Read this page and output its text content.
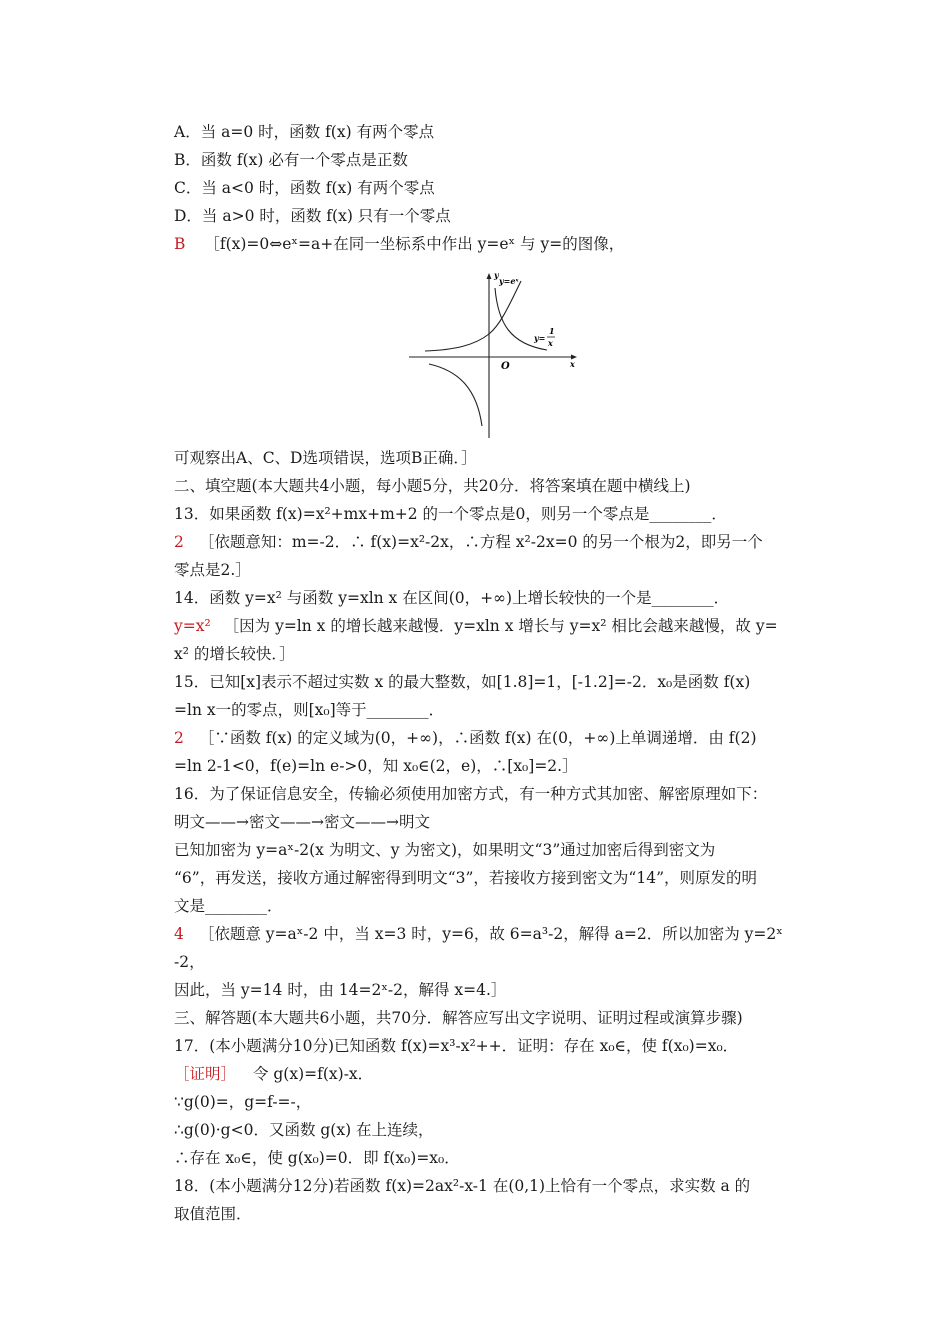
A．当 a=0 时，函数 f(x) 有两个零点
B．函数 f(x) 必有一个零点是正数
C．当 a<0 时，函数 f(x) 有两个零点
D．当 a>0 时，函数 f(x) 只有一个零点
B ［f(x)=0⇔eˣ=a+在同一坐标系中作出 y=eˣ 与 y=的图像，
y=eˣ
O	x
y
y=
1
x
可观察出A、C、D选项错误，选项B正确．］
二、填空题(本大题共4小题，每小题5分，共20分．将答案填在题中横线上)
13．如果函数 f(x)=x²+mx+m+2 的一个零点是0，则另一个零点是________．
2 ［依题意知：m=-2．∴ f(x)=x²-2x，∴方程 x²-2x=0 的另一个根为2，即另一个
零点是2.］
14．函数 y=x² 与函数 y=xln x 在区间(0，+∞)上增长较快的一个是________．
y=x² ［因为 y=ln x 的增长越来越慢．y=xln x 增长与 y=x² 相比会越来越慢，故 y=
x² 的增长较快．］
15．已知[x]表示不超过实数 x 的最大整数，如[1.8]=1，[-1.2]=-2．x₀是函数 f(x)
=ln x一的零点，则[x₀]等于________．
2 ［∵函数 f(x) 的定义域为(0，+∞)，∴函数 f(x) 在(0，+∞)上单调递增．由 f(2)
=ln 2-1<0，f(e)=ln e->0，知 x₀∈(2，e)，∴[x₀]=2.］
16．为了保证信息安全，传输必须使用加密方式，有一种方式其加密、解密原理如下：
明文——→密文——→密文——→明文
已知加密为 y=aˣ-2(x 为明文、y 为密文)，如果明文“3”通过加密后得到密文为
“6”，再发送，接收方通过解密得到明文“3”，若接收方接到密文为“14”，则原发的明
文是________．
4 ［依题意 y=aˣ-2 中，当 x=3 时，y=6，故 6=a³-2，解得 a=2．所以加密为 y=2ˣ
-2，
因此，当 y=14 时，由 14=2ˣ-2，解得 x=4.］
三、解答题(本大题共6小题，共70分．解答应写出文字说明、证明过程或演算步骤)
17．(本小题满分10分)已知函数 f(x)=x³-x²++．证明：存在 x₀∈，使 f(x₀)=x₀．
［证明］ 令 g(x)=f(x)-x．
∵g(0)=，g=f-=-，
∴g(0)·g<0．又函数 g(x) 在上连续，
∴存在 x₀∈，使 g(x₀)=0．即 f(x₀)=x₀．
18．(本小题满分12分)若函数 f(x)=2ax²-x-1 在(0,1)上恰有一个零点，求实数 a 的
取值范围．
